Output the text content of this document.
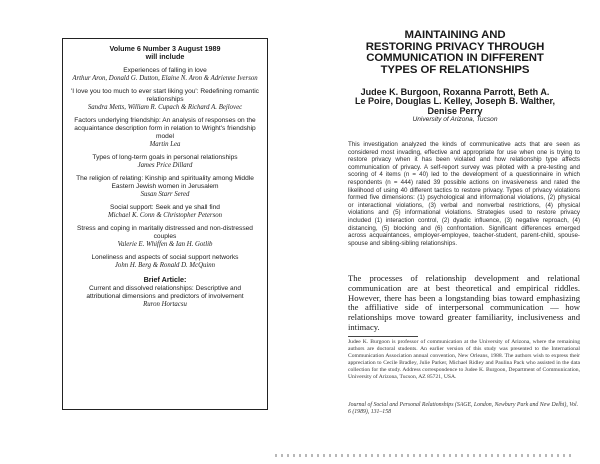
Volume 6 Number 3 August 1989
will include
Experiences of falling in love
Arthur Aron, Donald G. Dutton, Elaine N. Aron & Adrienne Iverson
'I love you too much to ever start liking you': Redefining romantic relationships
Sandra Metts, William R. Cupach & Richard A. Bejlovec
Factors underlying friendship: An analysis of responses on the acquaintance description form in relation to Wright's friendship model
Martin Lea
Types of long-term goals in personal relationships
James Price Dillard
The religion of relating: Kinship and spirituality among Middle Eastern Jewish women in Jerusalem
Susan Starr Sered
Social support: Seek and ye shall find
Michael K. Conn & Christopher Peterson
Stress and coping in maritally distressed and non-distressed couples
Valerie E. Whiffen & Ian H. Gotlib
Loneliness and aspects of social support networks
John H. Berg & Ronald D. McQuinn
Brief Article:
Current and dissolved relationships: Descriptive and attributional dimensions and predictors of involvement
Ruron Hortacsu
MAINTAINING AND
RESTORING PRIVACY THROUGH
COMMUNICATION IN DIFFERENT
TYPES OF RELATIONSHIPS
Judee K. Burgoon, Roxanna Parrott, Beth A.
Le Poire, Douglas L. Kelley, Joseph B. Walther,
Denise Perry
University of Arizona, Tucson
This investigation analyzed the kinds of communicative acts that are seen as considered most invading, effective and appropriate for use when one is trying to restore privacy when it has been violated and how relationship type affects communication of privacy. A self-report survey was piloted with a pre-testing and scoring of 4 items (n = 40) led to the development of a questionnaire in which respondents (n = 444) rated 39 possible actions on invasiveness and rated the likelihood of using 40 different tactics to restore privacy. Types of privacy violations formed five dimensions: (1) psychological and informational violations, (2) physical or interactional violations, (3) verbal and nonverbal restrictions, (4) physical violations and (5) informational violations. Strategies used to restore privacy included (1) interaction control, (2) dyadic influence, (3) negative reproach, (4) distancing, (5) blocking and (6) confrontation. Significant differences emerged across acquaintances, employer-employee, teacher-student, parent-child, spouse-spouse and sibling-sibling relationships.
The processes of relationship development and relational communication are at best theoretical and empirical riddles. However, there has been a longstanding bias toward emphasizing the affiliative side of interpersonal communication — how relationships move toward greater familiarity, inclusiveness and intimacy.
Judee K. Burgoon is professor of communication at the University of Arizona, where the remaining authors are doctoral students. An earlier version of this study was presented to the International Communication Association annual convention, New Orleans, 1988. The authors wish to express their appreciation to Cecile Bradley, Julie Parker, Michael Ridley and Paulina Pack who assisted in the data collection for the study. Address correspondence to Judee K. Burgoon, Department of Communication, University of Arizona, Tucson, AZ 85721, USA.
Journal of Social and Personal Relationships (SAGE, London, Newbury Park and New Delhi), Vol. 6 (1989), 131–158
